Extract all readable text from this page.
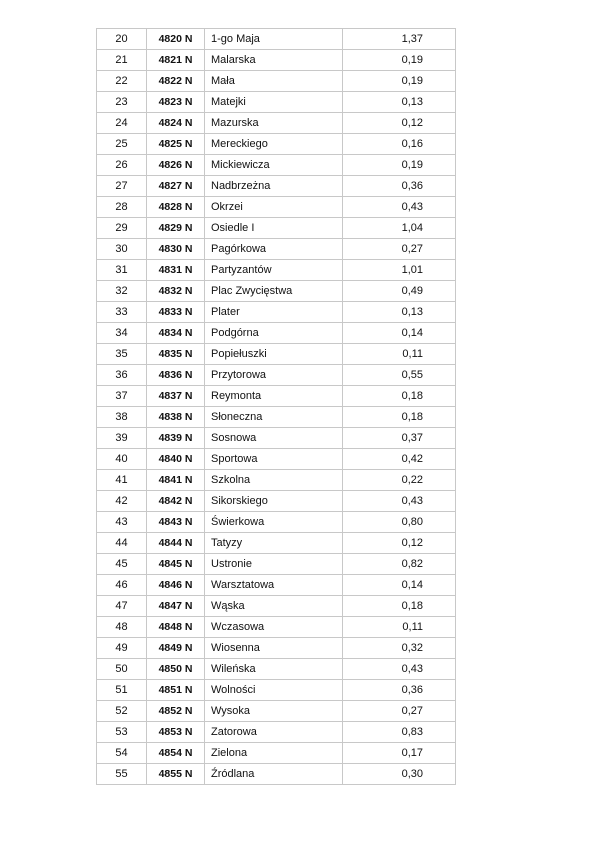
20	4820 N	1-go Maja	1,37
21	4821 N	Malarska	0,19
22	4822 N	Mała	0,19
23	4823 N	Matejki	0,13
24	4824 N	Mazurska	0,12
25	4825 N	Mereckiego	0,16
26	4826 N	Mickiewicza	0,19
27	4827 N	Nadbrzeżna	0,36
28	4828 N	Okrzei	0,43
29	4829 N	Osiedle I	1,04
30	4830 N	Pagórkowa	0,27
31	4831 N	Partyzantów	1,01
32	4832 N	Plac Zwycięstwa	0,49
33	4833 N	Plater	0,13
34	4834 N	Podgórna	0,14
35	4835 N	Popiełuszki	0,11
36	4836 N	Przytorowa	0,55
37	4837 N	Reymonta	0,18
38	4838 N	Słoneczna	0,18
39	4839 N	Sosnowa	0,37
40	4840 N	Sportowa	0,42
41	4841 N	Szkolna	0,22
42	4842 N	Sikorskiego	0,43
43	4843 N	Świerkowa	0,80
44	4844 N	Tatyzy	0,12
45	4845 N	Ustronie	0,82
46	4846 N	Warsztatowa	0,14
47	4847 N	Wąska	0,18
48	4848 N	Wczasowa	0,11
49	4849 N	Wiosenna	0,32
50	4850 N	Wileńska	0,43
51	4851 N	Wolności	0,36
52	4852 N	Wysoka	0,27
53	4853 N	Zatorowa	0,83
54	4854 N	Zielona	0,17
55	4855 N	Źródlana	0,30
